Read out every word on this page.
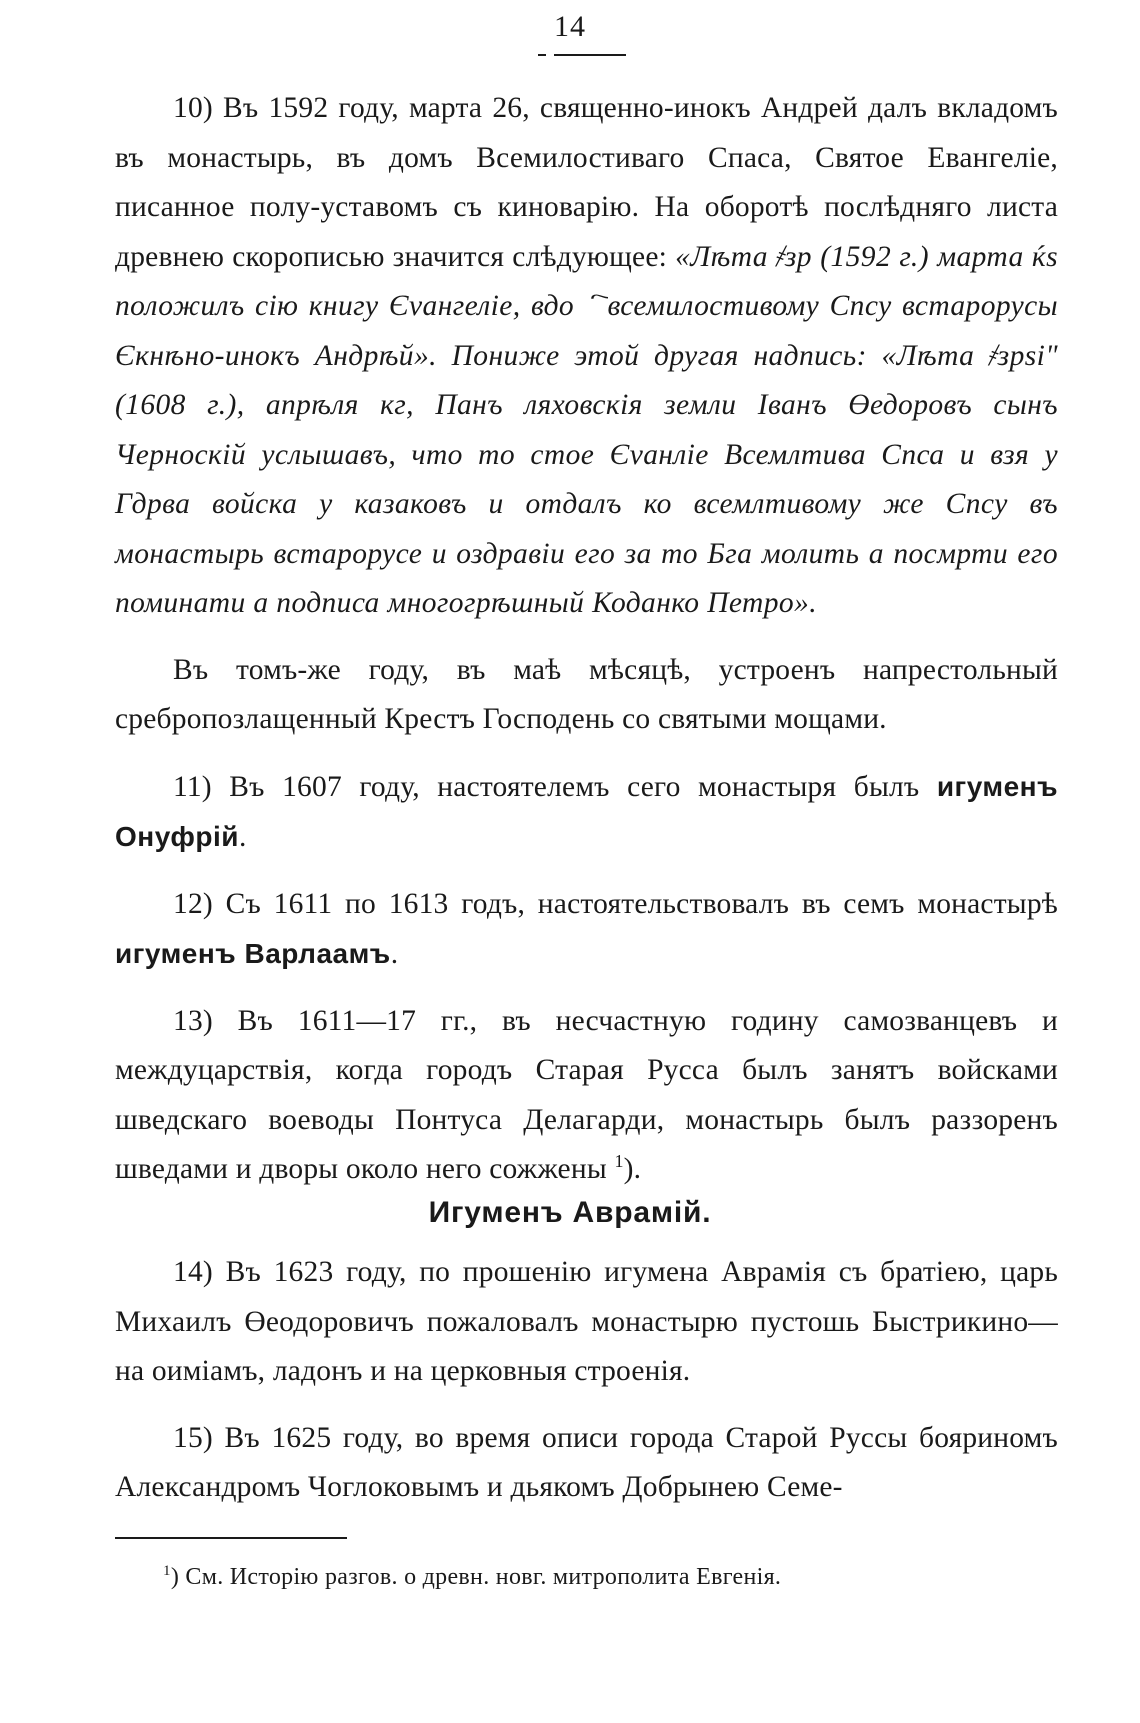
14

10) Въ 1592 году, марта 26, священно-инокъ Андрей далъ вкладомъ въ монастырь, въ домъ Всемилостиваго Спаса, Святое Евангеліе, писанное полу-уставомъ съ киноварію. На оборотѣ послѣдняго листа древнею скорописью значится слѣдующее: «Лѣта ҂зр (1592 г.) марта ќѕ положилъ сію книгу Єvангеліе, вдоⷨ҇ всемилостивому Спсу встарорусы Єкнѣно-инокъ Андрѣй». Пониже этой другая надпись: «Лѣта ҂зрѕі" (1608 г.), апрѣля кг, Панъ ляховскія земли Іванъ Өедоровъ сынъ Черноскій услышавъ, что то стое Єvанліе Всемлтива Спса и взя у Гдрва войска у казаковъ и отдалъ ко всемлтивому же Спсу въ монастырь встарорусе и оздравіи его за то Бга молить а посмрти его поминати а подписа многогрѣшный Коданко Петро».

Въ томъ-же году, въ маѣ мѣсяцѣ, устроенъ напрестольный сребропозлащенный Крестъ Господень со святыми мощами.

11) Въ 1607 году, настоятелемъ сего монастыря былъ игуменъ Онуфрій.

12) Съ 1611 по 1613 годъ, настоятельствовалъ въ семъ монастырѣ игуменъ Варлаамъ.

13) Въ 1611—17 гг., въ несчастную годину самозванцевъ и междуцарствія, когда городъ Старая Русса былъ занятъ войсками шведскаго воеводы Понтуса Делагарди, монастырь былъ раззоренъ шведами и дворы около него сожжены $^1$).

Игуменъ Аврамій.

14) Въ 1623 году, по прошенію игумена Аврамія съ братіею, царь Михаилъ Өеодоровичъ пожаловалъ монастырю пустошь Быстрикино—на оиміамъ, ладонъ и на церковныя строенія.

15) Въ 1625 году, во время описи города Старой Руссы бояриномъ Александромъ Чоглоковымъ и дьякомъ Добрынею Семе-

$^1$) См. Исторію разгов. о древн. новг. митрополита Евгенія.
